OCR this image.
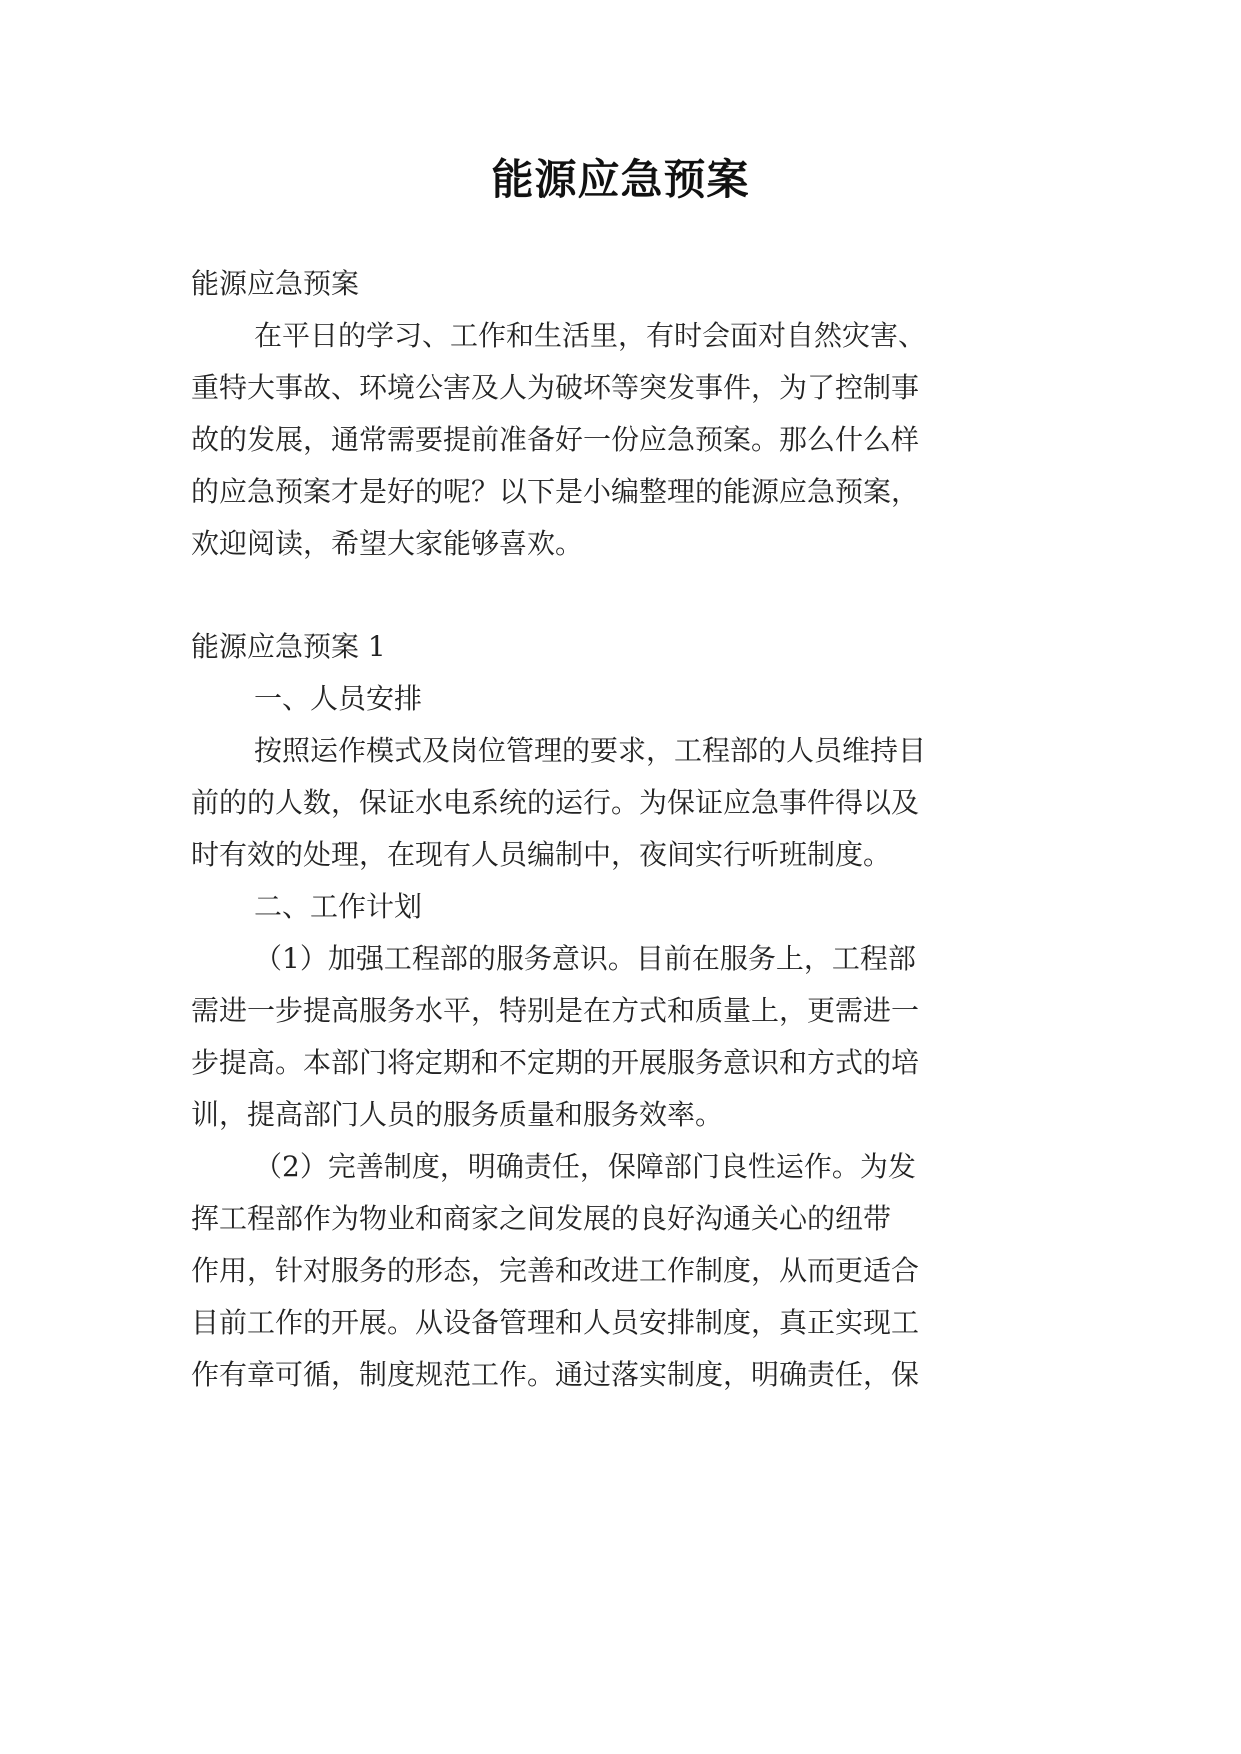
能源应急预案

能源应急预案

在平日的学习、工作和生活里，有时会面对自然灾害、

重特大事故、环境公害及人为破坏等突发事件，为了控制事

故的发展，通常需要提前准备好一份应急预案。那么什么样

的应急预案才是好的呢？以下是小编整理的能源应急预案，

欢迎阅读，希望大家能够喜欢。

能源应急预案 1

一、人员安排

按照运作模式及岗位管理的要求，工程部的人员维持目

前的的人数，保证水电系统的运行。为保证应急事件得以及

时有效的处理，在现有人员编制中，夜间实行听班制度。

二、工作计划

（1）加强工程部的服务意识。目前在服务上，工程部

需进一步提高服务水平，特别是在方式和质量上，更需进一

步提高。本部门将定期和不定期的开展服务意识和方式的培

训，提高部门人员的服务质量和服务效率。

（2）完善制度，明确责任，保障部门良性运作。为发

挥工程部作为物业和商家之间发展的良好沟通关心的纽带

作用，针对服务的形态，完善和改进工作制度，从而更适合

目前工作的开展。从设备管理和人员安排制度，真正实现工

作有章可循，制度规范工作。通过落实制度，明确责任，保
